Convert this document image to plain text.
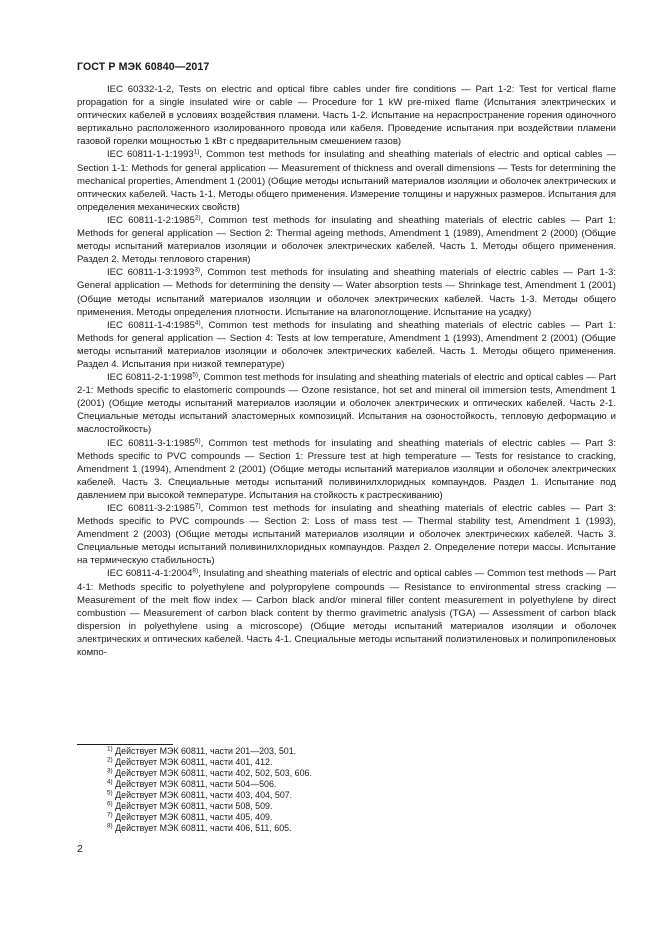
ГОСТ Р МЭК 60840—2017

IEC 60332-1-2, Tests on electric and optical fibre cables under fire conditions — Part 1-2: Test for vertical flame propagation for a single insulated wire or cable — Procedure for 1 kW pre-mixed flame (Испытания электрических и оптических кабелей в условиях воздействия пламени. Часть 1-2. Испытание на нераспространение горения одиночного вертикально расположенного изолированного провода или кабеля. Проведение испытания при воздействии пламени газовой горелки мощностью 1 кВт с предварительным смешением газов)

IEC 60811-1-1:1993$^{1)}$, Common test methods for insulating and sheathing materials of electric and optical cables — Section 1-1: Methods for general application — Measurement of thickness and overall dimensions — Tests for determining the mechanical properties, Amendment 1 (2001) (Общие методы испытаний материалов изоляции и оболочек электрических и оптических кабелей. Часть 1-1. Методы общего применения. Измерение толщины и наружных размеров. Испытания для определения механических свойств)

IEC 60811-1-2:1985$^{2)}$, Common test methods for insulating and sheathing materials of electric cables — Part 1: Methods for general application — Section 2: Thermal ageing methods, Amendment 1 (1989), Amendment 2 (2000) (Общие методы испытаний материалов изоляции и оболочек электрических кабелей. Часть 1. Методы общего применения. Раздел 2. Методы теплового старения)

IEC 60811-1-3:1993$^{3)}$, Common test methods for insulating and sheathing materials of electric cables — Part 1-3: General application — Methods for determining the density — Water absorption tests — Shrinkage test, Amendment 1 (2001) (Общие методы испытаний материалов изоляции и оболочек электрических кабелей. Часть 1-3. Методы общего применения. Методы определения плотности. Испытание на влагопоглощение. Испытание на усадку)

IEC 60811-1-4:1985$^{4)}$, Common test methods for insulating and sheathing materials of electric cables — Part 1: Methods for general application — Section 4: Tests at low temperature, Amendment 1 (1993), Amendment 2 (2001) (Общие методы испытаний материалов изоляции и оболочек электрических кабелей. Часть 1. Методы общего применения. Раздел 4. Испытания при низкой температуре)

IEC 60811-2-1:1998$^{5)}$, Common test methods for insulating and sheathing materials of electric and optical cables — Part 2-1: Methods specific to elastomeric compounds — Ozone resistance, hot set and mineral oil immersion tests, Amendment 1 (2001) (Общие методы испытаний материалов изоляции и оболочек электрических и оптических кабелей. Часть 2-1. Специальные методы испытаний эластомерных композиций. Испытания на озоностойкость, тепловую деформацию и маслостойкость)

IEC 60811-3-1:1985$^{6)}$, Common test methods for insulating and sheathing materials of electric cables — Part 3: Methods specific to PVC compounds — Section 1: Pressure test at high temperature — Tests for resistance to cracking, Amendment 1 (1994), Amendment 2 (2001) (Общие методы испытаний материалов изоляции и оболочек электрических кабелей. Часть 3. Специальные методы испытаний поливинилхлоридных компаундов. Раздел 1. Испытание под давлением при высокой температуре. Испытания на стойкость к растрескиванию)

IEC 60811-3-2:1985$^{7)}$, Common test methods for insulating and sheathing materials of electric cables — Part 3: Methods specific to PVC compounds — Section 2: Loss of mass test — Thermal stability test, Amendment 1 (1993), Amendment 2 (2003) (Общие методы испытаний материалов изоляции и оболочек электрических кабелей. Часть 3. Специальные методы испытаний поливинилхлоридных компаундов. Раздел 2. Определение потери массы. Испытание на термическую стабильность)

IEC 60811-4-1:2004$^{8)}$, Insulating and sheathing materials of electric and optical cables — Common test methods — Part 4-1: Methods specific to polyethylene and polypropylene compounds — Resistance to environmental stress cracking — Measurement of the melt flow index — Carbon black and/or mineral filler content measurement in polyethylene by direct combustion — Measurement of carbon black content by thermo gravimetric analysis (TGA) — Assessment of carbon black dispersion in polyethylene using a microscope) (Общие методы испытаний материалов изоляции и оболочек электрических и оптических кабелей. Часть 4-1. Специальные методы испытаний полиэтиленовых и полипропиленовых компо-

$^{1)}$ Действует МЭК 60811, части 201—203, 501.
$^{2)}$ Действует МЭК 60811, части 401, 412.
$^{3)}$ Действует МЭК 60811, части 402, 502, 503, 606.
$^{4)}$ Действует МЭК 60811, части 504—506.
$^{5)}$ Действует МЭК 60811, части 403, 404, 507.
$^{6)}$ Действует МЭК 60811, части 508, 509.
$^{7)}$ Действует МЭК 60811, части 405, 409.
$^{8)}$ Действует МЭК 60811, части 406, 511, 605.
2
